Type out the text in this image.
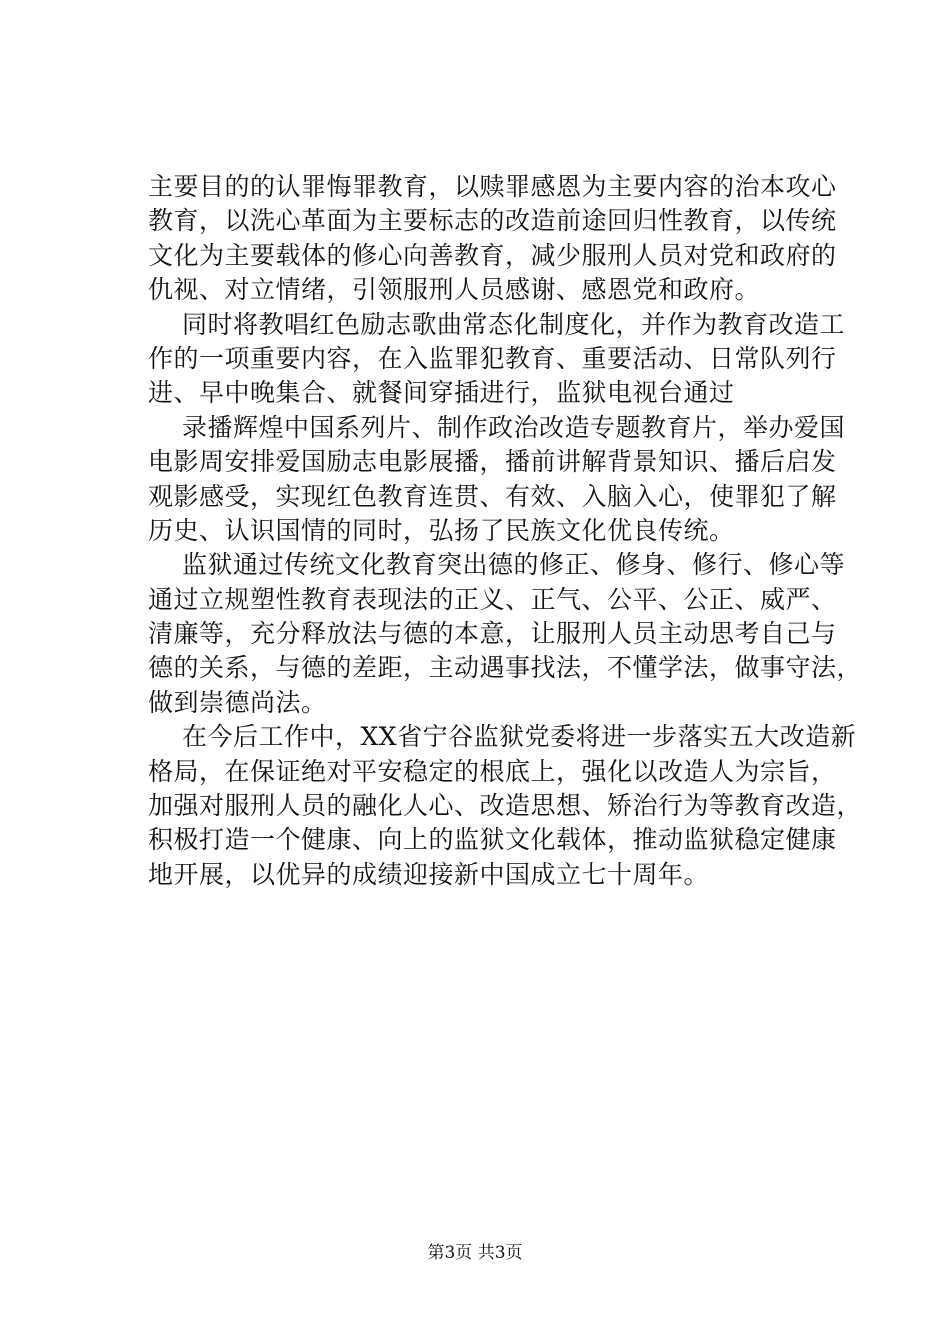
主要目的的认罪悔罪教育，以赎罪感恩为主要内容的治本攻心
教育，以洗心革面为主要标志的改造前途回归性教育，以传统
文化为主要载体的修心向善教育，减少服刑人员对党和政府的
仇视、对立情绪，引领服刑人员感谢、感恩党和政府。
同时将教唱红色励志歌曲常态化制度化，并作为教育改造工
作的一项重要内容，在入监罪犯教育、重要活动、日常队列行
进、早中晚集合、就餐间穿插进行，监狱电视台通过
录播辉煌中国系列片、制作政治改造专题教育片，举办爱国
电影周安排爱国励志电影展播，播前讲解背景知识、播后启发
观影感受，实现红色教育连贯、有效、入脑入心，使罪犯了解
历史、认识国情的同时，弘扬了民族文化优良传统。
监狱通过传统文化教育突出德的修正、修身、修行、修心等
通过立规塑性教育表现法的正义、正气、公平、公正、威严、
清廉等，充分释放法与德的本意，让服刑人员主动思考自己与
德的关系，与德的差距，主动遇事找法，不懂学法，做事守法，
做到崇德尚法。
在今后工作中，XX省宁谷监狱党委将进一步落实五大改造新
格局，在保证绝对平安稳定的根底上，强化以改造人为宗旨，
加强对服刑人员的融化人心、改造思想、矫治行为等教育改造，
积极打造一个健康、向上的监狱文化载体，推动监狱稳定健康
地开展，以优异的成绩迎接新中国成立七十周年。
第3页 共3页
